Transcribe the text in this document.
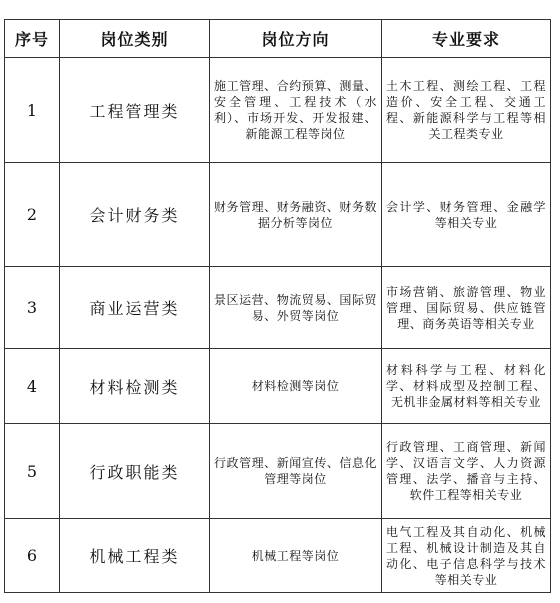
序号	岗位类别	岗位方向	专业要求
1	工程管理类	施工管理、合约预算、测量、安全管理、工程技术（水利）、市场开发、开发报建、新能源工程等岗位	土木工程、测绘工程、工程造价、安全工程、交通工程、新能源科学与工程等相关工程类专业
2	会计财务类	财务管理、财务融资、财务数据分析等岗位	会计学、财务管理、金融学等相关专业
3	商业运营类	景区运营、物流贸易、国际贸易、外贸等岗位	市场营销、旅游管理、物业管理、国际贸易、供应链管理、商务英语等相关专业
4	材料检测类	材料检测等岗位	材料科学与工程、材料化学、材料成型及控制工程、无机非金属材料等相关专业
5	行政职能类	行政管理、新闻宣传、信息化管理等岗位	行政管理、工商管理、新闻学、汉语言文学、人力资源管理、法学、播音与主持、软件工程等相关专业
6	机械工程类	机械工程等岗位	电气工程及其自动化、机械工程、机械设计制造及其自动化、电子信息科学与技术等相关专业
